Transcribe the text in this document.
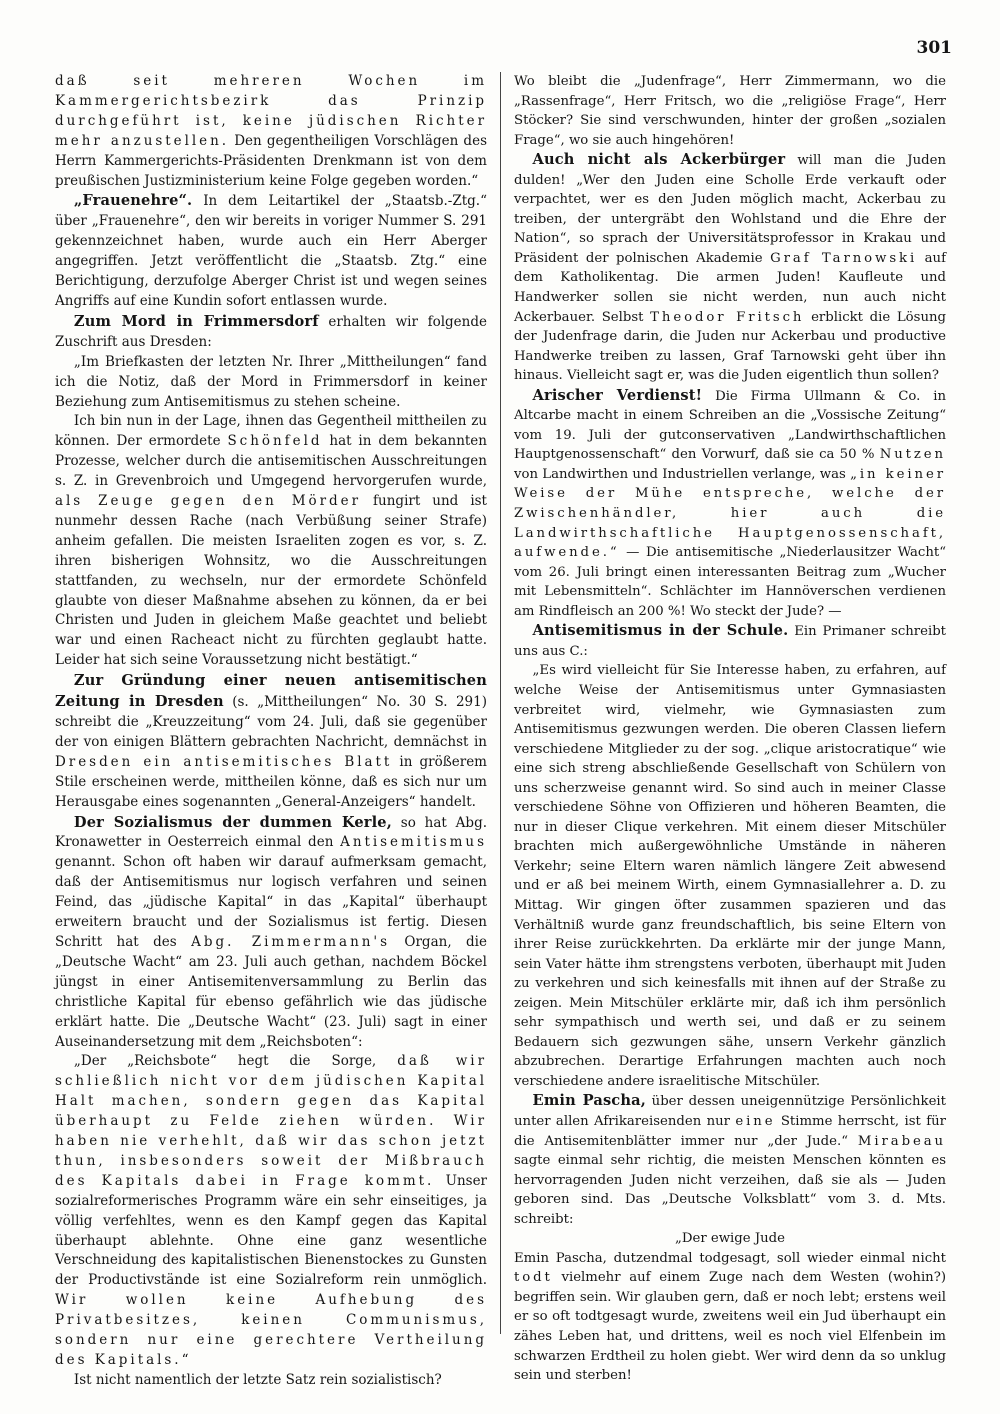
301

daß seit mehreren Wochen im Kammergerichtsbezirk das Prinzip durchgeführt ist, keine jüdischen Richter mehr anzustellen. Den gegentheiligen Vorschlägen des Herrn Kammergerichts-Präsidenten Drenkmann ist von dem preußischen Justizministerium keine Folge gegeben worden.“

„Frauenehre“. In dem Leitartikel der „Staatsb.-Ztg.“ über „Frauenehre“, den wir bereits in voriger Nummer S. 291 gekennzeichnet haben, wurde auch ein Herr Aberger angegriffen. Jetzt veröffentlicht die „Staatsb. Ztg.“ eine Berichtigung, derzufolge Aberger Christ ist und wegen seines Angriffs auf eine Kundin sofort entlassen wurde.

Zum Mord in Frimmersdorf erhalten wir folgende Zuschrift aus Dresden:

„Im Briefkasten der letzten Nr. Ihrer „Mittheilungen“ fand ich die Notiz, daß der Mord in Frimmersdorf in keiner Beziehung zum Antisemitismus zu stehen scheine.

Ich bin nun in der Lage, ihnen das Gegentheil mittheilen zu können. Der ermordete Schönfeld hat in dem bekannten Prozesse, welcher durch die antisemitischen Ausschreitungen s. Z. in Grevenbroich und Umgegend hervorgerufen wurde, als Zeuge gegen den Mörder fungirt und ist nunmehr dessen Rache (nach Verbüßung seiner Strafe) anheim gefallen. Die meisten Israeliten zogen es vor, s. Z. ihren bisherigen Wohnsitz, wo die Ausschreitungen stattfanden, zu wechseln, nur der ermordete Schönfeld glaubte von dieser Maßnahme absehen zu können, da er bei Christen und Juden in gleichem Maße geachtet und beliebt war und einen Racheact nicht zu fürchten geglaubt hatte. Leider hat sich seine Voraussetzung nicht bestätigt.“

Zur Gründung einer neuen antisemitischen Zeitung in Dresden (s. „Mittheilungen“ No. 30 S. 291) schreibt die „Kreuzzeitung“ vom 24. Juli, daß sie gegenüber der von einigen Blättern gebrachten Nachricht, demnächst in Dresden ein antisemitisches Blatt in größerem Stile erscheinen werde, mittheilen könne, daß es sich nur um Herausgabe eines sogenannten „General-Anzeigers“ handelt.

Der Sozialismus der dummen Kerle, so hat Abg. Kronawetter in Oesterreich einmal den Antisemitismus genannt. Schon oft haben wir darauf aufmerksam gemacht, daß der Antisemitismus nur logisch verfahren und seinen Feind, das „jüdische Kapital“ in das „Kapital“ überhaupt erweitern braucht und der Sozialismus ist fertig. Diesen Schritt hat des Abg. Zimmermann's Organ, die „Deutsche Wacht“ am 23. Juli auch gethan, nachdem Böckel jüngst in einer Antisemitenversammlung zu Berlin das christliche Kapital für ebenso gefährlich wie das jüdische erklärt hatte. Die „Deutsche Wacht“ (23. Juli) sagt in einer Auseinandersetzung mit dem „Reichsboten“:

„Der „Reichsbote“ hegt die Sorge, daß wir schließlich nicht vor dem jüdischen Kapital Halt machen, sondern gegen das Kapital überhaupt zu Felde ziehen würden. Wir haben nie verhehlt, daß wir das schon jetzt thun, insbesonders soweit der Mißbrauch des Kapitals dabei in Frage kommt. Unser sozialreformerisches Programm wäre ein sehr einseitiges, ja völlig verfehltes, wenn es den Kampf gegen das Kapital überhaupt ablehnte. Ohne eine ganz wesentliche Verschneidung des kapitalistischen Bienenstockes zu Gunsten der Productivstände ist eine Sozialreform rein unmöglich. Wir wollen keine Aufhebung des Privatbesitzes, keinen Communismus, sondern nur eine gerechtere Vertheilung des Kapitals.“

Ist nicht namentlich der letzte Satz rein sozialistisch?

Wo bleibt die „Judenfrage“, Herr Zimmermann, wo die „Rassenfrage“, Herr Fritsch, wo die „religiöse Frage“, Herr Stöcker? Sie sind verschwunden, hinter der großen „sozialen Frage“, wo sie auch hingehören!

Auch nicht als Ackerbürger will man die Juden dulden! „Wer den Juden eine Scholle Erde verkauft oder verpachtet, wer es den Juden möglich macht, Ackerbau zu treiben, der untergräbt den Wohlstand und die Ehre der Nation“, so sprach der Universitätsprofessor in Krakau und Präsident der polnischen Akademie Graf Tarnowski auf dem Katholikentag. Die armen Juden! Kaufleute und Handwerker sollen sie nicht werden, nun auch nicht Ackerbauer. Selbst Theodor Fritsch erblickt die Lösung der Judenfrage darin, die Juden nur Ackerbau und productive Handwerke treiben zu lassen, Graf Tarnowski geht über ihn hinaus. Vielleicht sagt er, was die Juden eigentlich thun sollen?

Arischer Verdienst! Die Firma Ullmann & Co. in Altcarbe macht in einem Schreiben an die „Vossische Zeitung“ vom 19. Juli der gutconservativen „Landwirthschaftlichen Hauptgenossenschaft“ den Vorwurf, daß sie ca 50 % Nutzen von Landwirthen und Industriellen verlange, was „in keiner Weise der Mühe entspreche, welche der Zwischenhändler, hier auch die Landwirthschaftliche Hauptgenossenschaft, aufwende.“ — Die antisemitische „Niederlausitzer Wacht“ vom 26. Juli bringt einen interessanten Beitrag zum „Wucher mit Lebensmitteln“. Schlächter im Hannöverschen verdienen am Rindfleisch an 200 %! Wo steckt der Jude? —

Antisemitismus in der Schule. Ein Primaner schreibt uns aus C.:

„Es wird vielleicht für Sie Interesse haben, zu erfahren, auf welche Weise der Antisemitismus unter Gymnasiasten verbreitet wird, vielmehr, wie Gymnasiasten zum Antisemitismus gezwungen werden. Die oberen Classen liefern verschiedene Mitglieder zu der sog. „clique aristocratique“ wie eine sich streng abschließende Gesellschaft von Schülern von uns scherzweise genannt wird. So sind auch in meiner Classe verschiedene Söhne von Offizieren und höheren Beamten, die nur in dieser Clique verkehren. Mit einem dieser Mitschüler brachten mich außergewöhnliche Umstände in näheren Verkehr; seine Eltern waren nämlich längere Zeit abwesend und er aß bei meinem Wirth, einem Gymnasiallehrer a. D. zu Mittag. Wir gingen öfter zusammen spazieren und das Verhältniß wurde ganz freundschaftlich, bis seine Eltern von ihrer Reise zurückkehrten. Da erklärte mir der junge Mann, sein Vater hätte ihm strengstens verboten, überhaupt mit Juden zu verkehren und sich keinesfalls mit ihnen auf der Straße zu zeigen. Mein Mitschüler erklärte mir, daß ich ihm persönlich sehr sympathisch und werth sei, und daß er zu seinem Bedauern sich gezwungen sähe, unsern Verkehr gänzlich abzubrechen. Derartige Erfahrungen machten auch noch verschiedene andere israelitische Mitschüler.

Emin Pascha, über dessen uneigennützige Persönlichkeit unter allen Afrikareisenden nur eine Stimme herrscht, ist für die Antisemitenblätter immer nur „der Jude.“ Mirabeau sagte einmal sehr richtig, die meisten Menschen könnten es hervorragenden Juden nicht verzeihen, daß sie als — Juden geboren sind. Das „Deutsche Volksblatt“ vom 3. d. Mts. schreibt:

„Der ewige Jude

Emin Pascha, dutzendmal todgesagt, soll wieder einmal nicht todt vielmehr auf einem Zuge nach dem Westen (wohin?) begriffen sein. Wir glauben gern, daß er noch lebt; erstens weil er so oft todtgesagt wurde, zweitens weil ein Jud überhaupt ein zähes Leben hat, und drittens, weil es noch viel Elfenbein im schwarzen Erdtheil zu holen giebt. Wer wird denn da so unklug sein und sterben!
